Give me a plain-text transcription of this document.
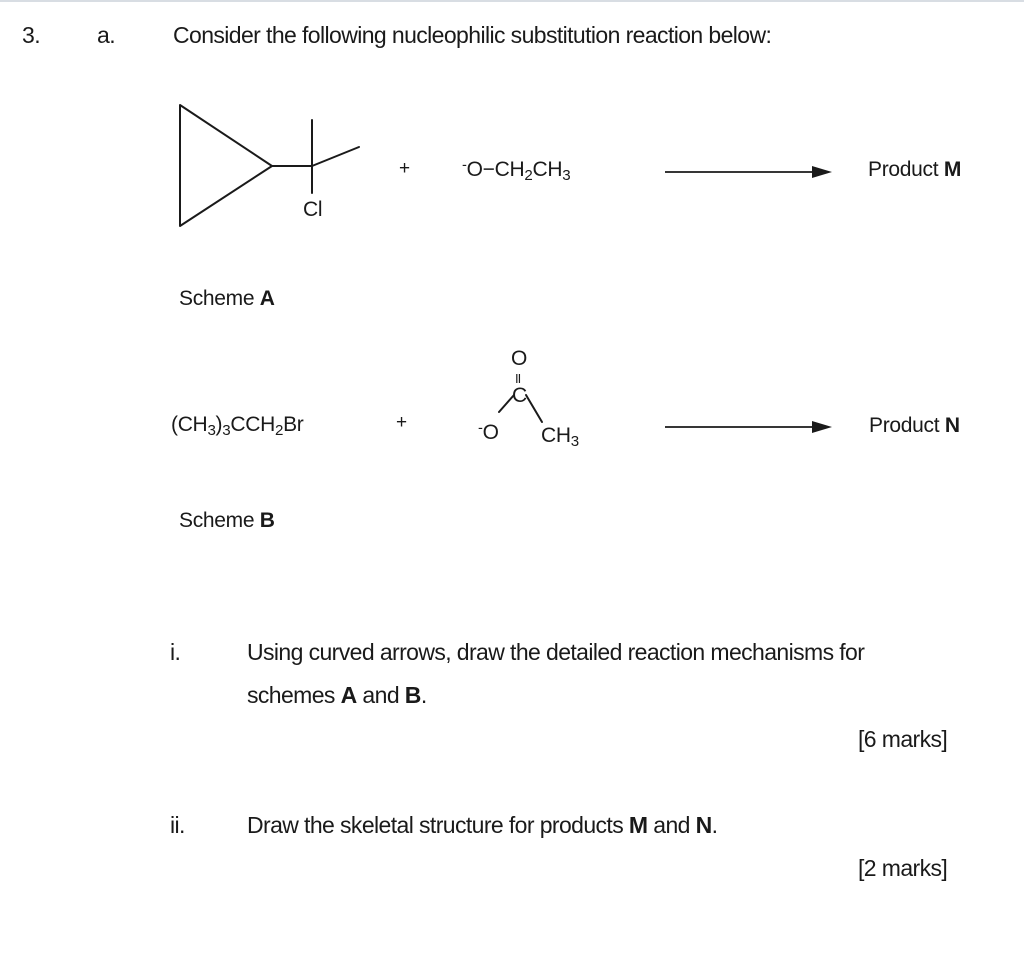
3. a.	Consider the following nucleophilic substitution reaction below:
Cl
+	$^-O-CH_2CH_3$	Product M
Scheme A
$(CH_3)_3CCH_2Br$	+
O
II
C
-O $CH_3$
Product N
Scheme B
i.	Using curved arrows, draw the detailed reaction mechanisms for
schemes A and B.
[6 marks]
ii.	Draw the skeletal structure for products M and N.
[2 marks]
